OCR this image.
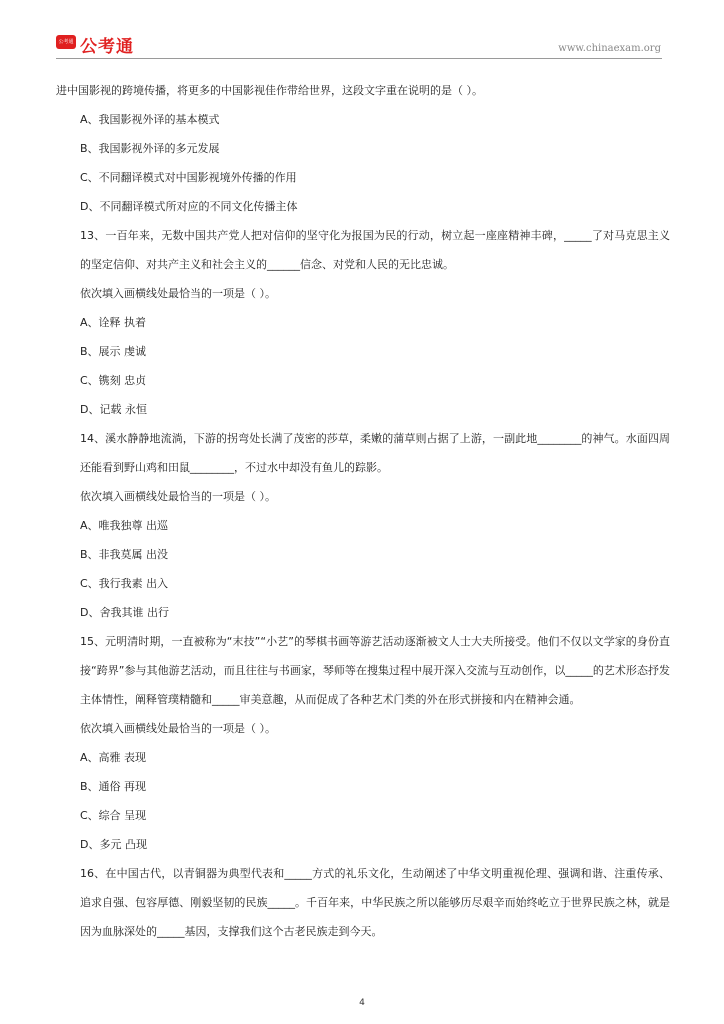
公考通 公考通	www.chinaexam.org

进中国影视的跨境传播，将更多的中国影视佳作带给世界，这段文字重在说明的是（ ）。

A、我国影视外译的基本模式

B、我国影视外译的多元发展

C、不同翻译模式对中国影视境外传播的作用

D、不同翻译模式所对应的不同文化传播主体

13、一百年来，无数中国共产党人把对信仰的坚守化为报国为民的行动，树立起一座座精神丰碑，_____了对马克思主义的坚定信仰、对共产主义和社会主义的______信念、对党和人民的无比忠诚。

依次填入画横线处最恰当的一项是（ ）。

A、诠释 执着

B、展示 虔诚

C、镌刻 忠贞

D、记载 永恒

14、溪水静静地流淌，下游的拐弯处长满了茂密的莎草，柔嫩的蒲草则占据了上游，一副此地________的神气。水面四周还能看到野山鸡和田鼠________，不过水中却没有鱼儿的踪影。

依次填入画横线处最恰当的一项是（ ）。

A、唯我独尊 出巡

B、非我莫属 出没

C、我行我素 出入

D、舍我其谁 出行

15、元明清时期，一直被称为“末技”“小艺”的琴棋书画等游艺活动逐渐被文人士大夫所接受。他们不仅以文学家的身份直接“跨界”参与其他游艺活动，而且往往与书画家，琴师等在搜集过程中展开深入交流与互动创作，以_____的艺术形态抒发主体情性，阐释管璞精髓和_____审美意趣，从而促成了各种艺术门类的外在形式拼接和内在精神会通。

依次填入画横线处最恰当的一项是（ ）。

A、高雅 表现

B、通俗 再现

C、综合 呈现

D、多元 凸现

16、在中国古代，以青铜器为典型代表和_____方式的礼乐文化，生动阐述了中华文明重视伦理、强调和谐、注重传承、追求自强、包容厚德、刚毅坚韧的民族_____。千百年来，中华民族之所以能够历尽艰辛而始终屹立于世界民族之林，就是因为血脉深处的_____基因，支撑我们这个古老民族走到今天。

4
